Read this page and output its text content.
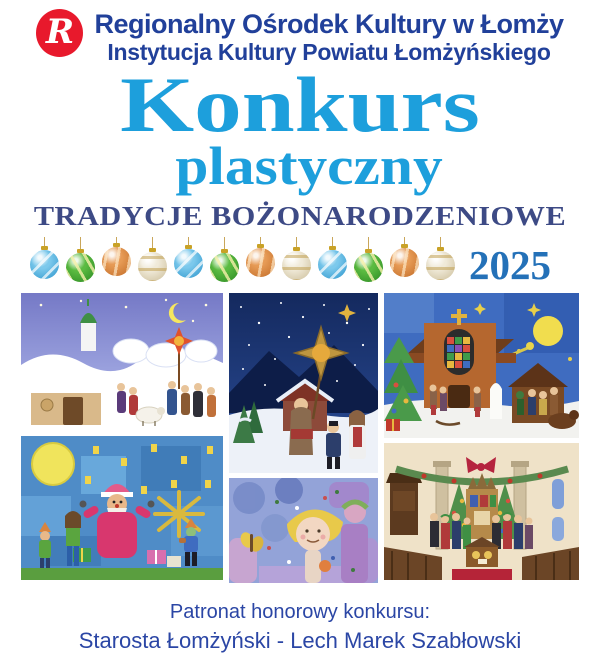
R Regionalny Ośrodek Kultury w Łomży
Instytucja Kultury Powiatu Łomżyńskiego
Konkurs
plastyczny
TRADYCJE BOŻONARODZENIOWE
2025
Patronat honorowy konkursu:
Starosta Łomżyński - Lech Marek Szabłowski
